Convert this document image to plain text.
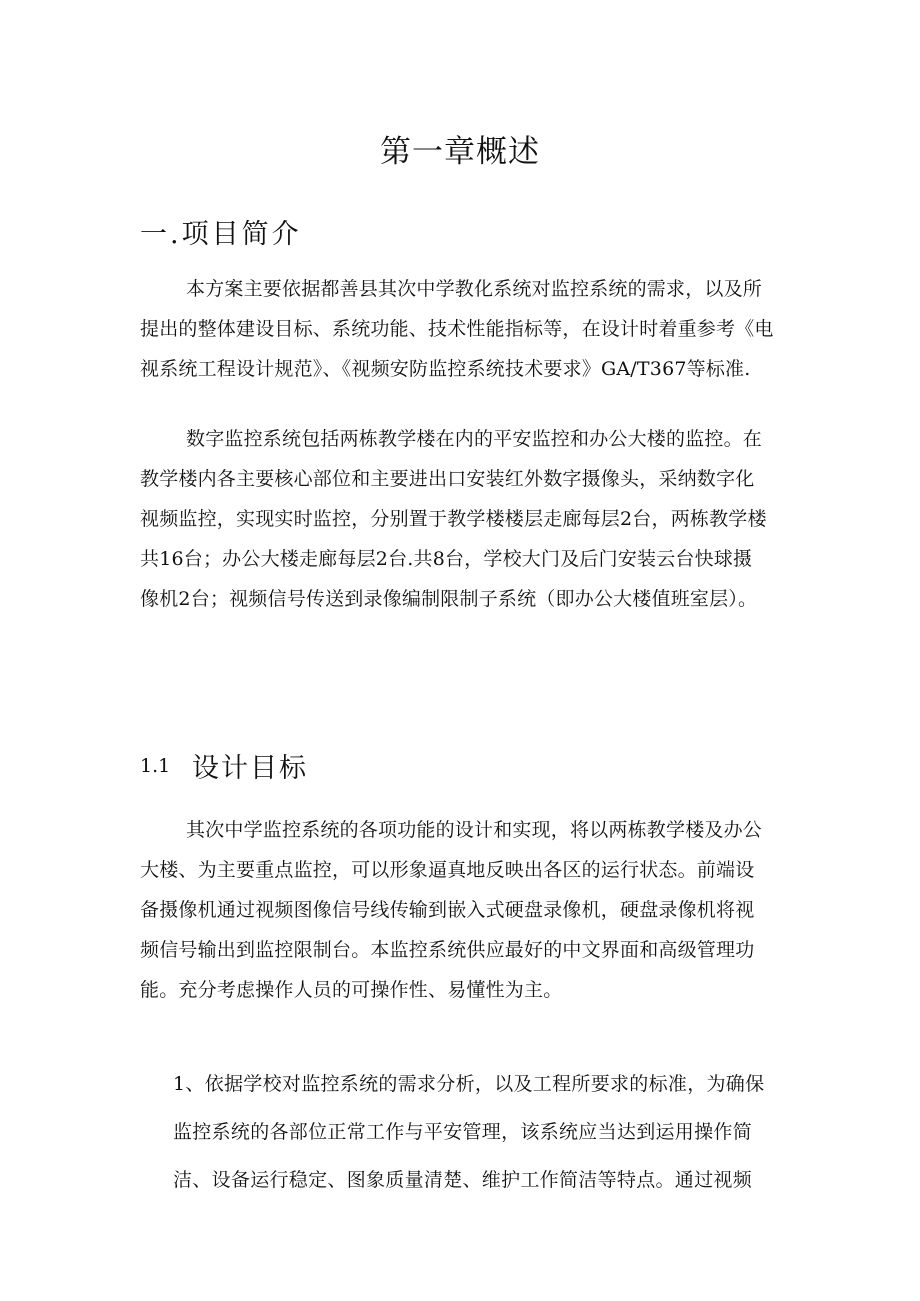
第一章概述
一.项目简介
本方案主要依据都善县其次中学教化系统对监控系统的需求，以及所
提出的整体建设目标、系统功能、技术性能指标等，在设计时着重参考《电
视系统工程设计规范》、《视频安防监控系统技术要求》GA/T367等标准.
数字监控系统包括两栋教学楼在内的平安监控和办公大楼的监控。在
教学楼内各主要核心部位和主要进出口安装红外数字摄像头，采纳数字化
视频监控，实现实时监控，分别置于教学楼楼层走廊每层2台，两栋教学楼
共16台；办公大楼走廊每层2台.共8台，学校大门及后门安装云台快球摄
像机2台；视频信号传送到录像编制限制子系统（即办公大楼值班室层）。
1.1 设计目标
其次中学监控系统的各项功能的设计和实现，将以两栋教学楼及办公
大楼、为主要重点监控，可以形象逼真地反映出各区的运行状态。前端设
备摄像机通过视频图像信号线传输到嵌入式硬盘录像机，硬盘录像机将视
频信号输出到监控限制台。本监控系统供应最好的中文界面和高级管理功
能。充分考虑操作人员的可操作性、易懂性为主。
1、依据学校对监控系统的需求分析，以及工程所要求的标准，为确保
监控系统的各部位正常工作与平安管理，该系统应当达到运用操作简
洁、设备运行稳定、图象质量清楚、维护工作简洁等特点。通过视频
